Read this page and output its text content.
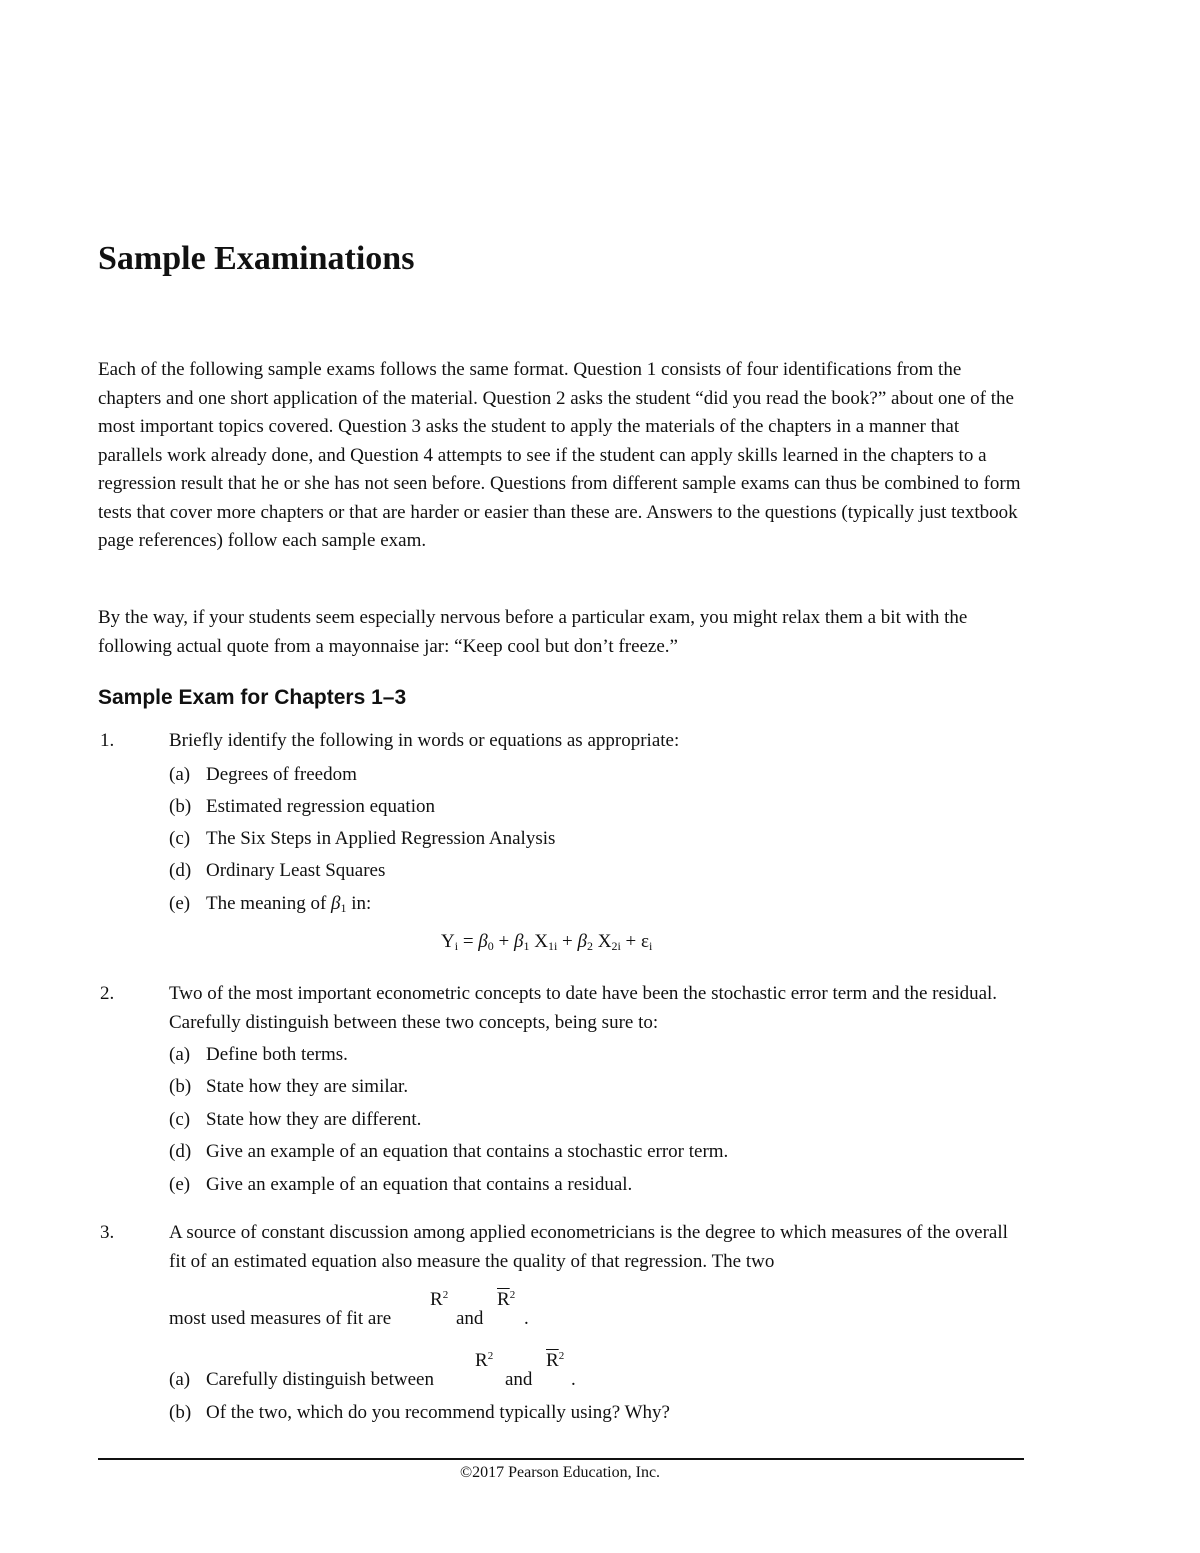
Sample Examinations

Each of the following sample exams follows the same format. Question 1 consists of four identifications from the chapters and one short application of the material. Question 2 asks the student “did you read the book?” about one of the most important topics covered. Question 3 asks the student to apply the materials of the chapters in a manner that parallels work already done, and Question 4 attempts to see if the student can apply skills learned in the chapters to a regression result that he or she has not seen before. Questions from different sample exams can thus be combined to form tests that cover more chapters or that are harder or easier than these are. Answers to the questions (typically just textbook page references) follow each sample exam.

By the way, if your students seem especially nervous before a particular exam, you might relax them a bit with the following actual quote from a mayonnaise jar: “Keep cool but don’t freeze.”

Sample Exam for Chapters 1–3
1.	Briefly identify the following in words or equations as appropriate:
(a) Degrees of freedom
(b) Estimated regression equation
(c) The Six Steps in Applied Regression Analysis
(d) Ordinary Least Squares
(e) The meaning of $\beta_1$ in:
$Y_i = \beta_0 + \beta_1$ $X_{1i} + \beta_2$ $X_{2i} + \varepsilon_i$
2.	Two of the most important econometric concepts to date have been the stochastic error term and the residual. Carefully distinguish between these two concepts, being sure to:
(a) Define both terms.
(b) State how they are similar.
(c) State how they are different.
(d) Give an example of an equation that contains a stochastic error term.
(e) Give an example of an equation that contains a residual.
3.	A source of constant discussion among applied econometricians is the degree to which measures of the overall fit of an estimated equation also measure the quality of that regression. The two
$R^2$	$\overline{R}^2$
most used measures of fit are	and .
$R^2$	$\overline{R}^2$
(a) Carefully distinguish between	and .
(b) Of the two, which do you recommend typically using? Why?
©2017 Pearson Education, Inc.
